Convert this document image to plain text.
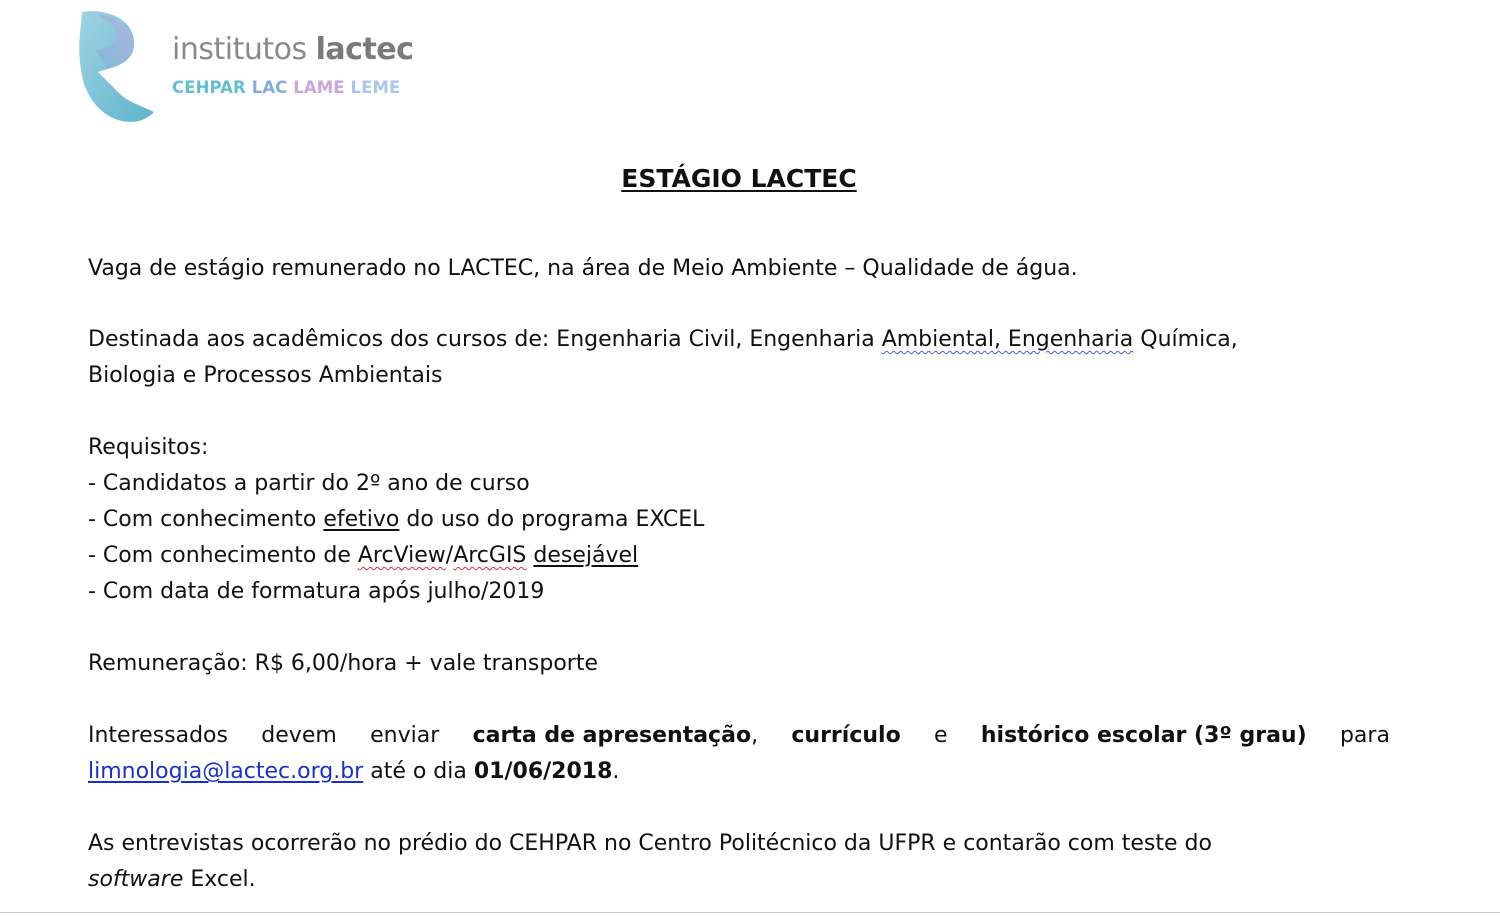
institutos lactec
CEHPAR LAC LAME LEME
ESTÁGIO LACTEC

Vaga de estágio remunerado no LACTEC, na área de Meio Ambiente – Qualidade de água.

Destinada aos acadêmicos dos cursos de: Engenharia Civil, Engenharia Ambiental, Engenharia Química,

Biologia e Processos Ambientais

Requisitos:

- Candidatos a partir do 2º ano de curso

- Com conhecimento efetivo do uso do programa EXCEL

- Com conhecimento de ArcView/ArcGIS desejável

- Com data de formatura após julho/2019

Remuneração: R$ 6,00/hora + vale transporte

Interessados devem enviar carta de apresentação, currículo e histórico escolar (3º grau) para

limnologia@lactec.org.br até o dia 01/06/2018.

As entrevistas ocorrerão no prédio do CEHPAR no Centro Politécnico da UFPR e contarão com teste do

software Excel.
